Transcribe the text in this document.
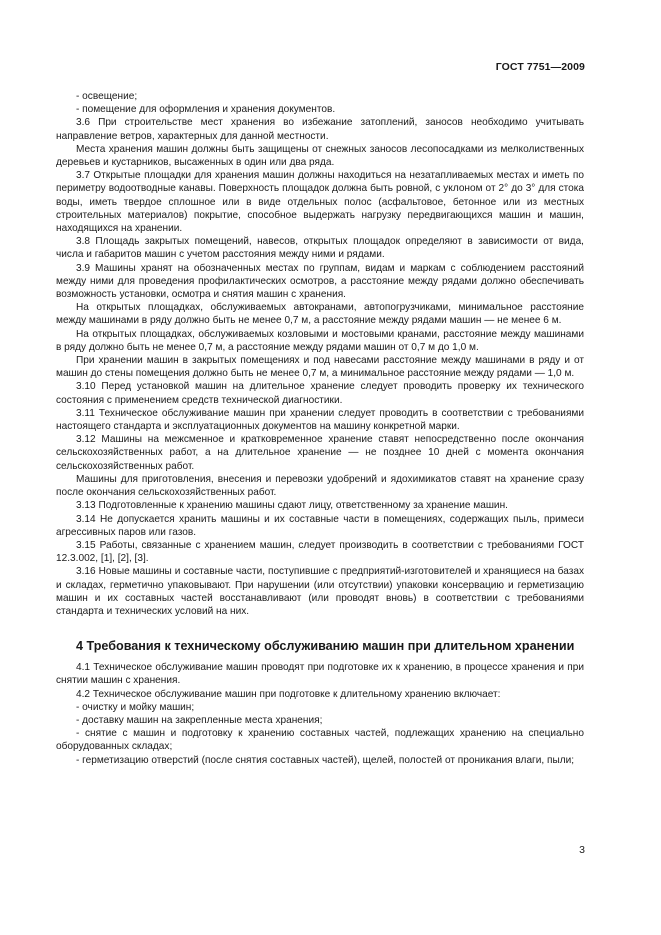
ГОСТ 7751—2009

- освещение;

- помещение для оформления и хранения документов.

3.6 При строительстве мест хранения во избежание затоплений, заносов необходимо учитывать направление ветров, характерных для данной местности.

Места хранения машин должны быть защищены от снежных заносов лесопосадками из мелколиственных деревьев и кустарников, высаженных в один или два ряда.

3.7 Открытые площадки для хранения машин должны находиться на незатапливаемых местах и иметь по периметру водоотводные канавы. Поверхность площадок должна быть ровной, с уклоном от 2° до 3° для стока воды, иметь твердое сплошное или в виде отдельных полос (асфальтовое, бетонное или из местных строительных материалов) покрытие, способное выдержать нагрузку передвигающихся машин и машин, находящихся на хранении.

3.8 Площадь закрытых помещений, навесов, открытых площадок определяют в зависимости от вида, числа и габаритов машин с учетом расстояния между ними и рядами.

3.9 Машины хранят на обозначенных местах по группам, видам и маркам с соблюдением расстояний между ними для проведения профилактических осмотров, а расстояние между рядами должно обеспечивать возможность установки, осмотра и снятия машин с хранения.

На открытых площадках, обслуживаемых автокранами, автопогрузчиками, минимальное расстояние между машинами в ряду должно быть не менее 0,7 м, а расстояние между рядами машин — не менее 6 м.

На открытых площадках, обслуживаемых козловыми и мостовыми кранами, расстояние между машинами в ряду должно быть не менее 0,7 м, а расстояние между рядами машин от 0,7 м до 1,0 м.

При хранении машин в закрытых помещениях и под навесами расстояние между машинами в ряду и от машин до стены помещения должно быть не менее 0,7 м, а минимальное расстояние между рядами — 1,0 м.

3.10 Перед установкой машин на длительное хранение следует проводить проверку их технического состояния с применением средств технической диагностики.

3.11 Техническое обслуживание машин при хранении следует проводить в соответствии с требованиями настоящего стандарта и эксплуатационных документов на машину конкретной марки.

3.12 Машины на межсменное и кратковременное хранение ставят непосредственно после окончания сельскохозяйственных работ, а на длительное хранение — не позднее 10 дней с момента окончания сельскохозяйственных работ.

Машины для приготовления, внесения и перевозки удобрений и ядохимикатов ставят на хранение сразу после окончания сельскохозяйственных работ.

3.13 Подготовленные к хранению машины сдают лицу, ответственному за хранение машин.

3.14 Не допускается хранить машины и их составные части в помещениях, содержащих пыль, примеси агрессивных паров или газов.

3.15 Работы, связанные с хранением машин, следует производить в соответствии с требованиями ГОСТ 12.3.002, [1], [2], [3].

3.16 Новые машины и составные части, поступившие с предприятий-изготовителей и хранящиеся на базах и складах, герметично упаковывают. При нарушении (или отсутствии) упаковки консервацию и герметизацию машин и их составных частей восстанавливают (или проводят вновь) в соответствии с требованиями стандарта и технических условий на них.

4 Требования к техническому обслуживанию машин при длительном хранении

4.1 Техническое обслуживание машин проводят при подготовке их к хранению, в процессе хранения и при снятии машин с хранения.

4.2 Техническое обслуживание машин при подготовке к длительному хранению включает:

- очистку и мойку машин;

- доставку машин на закрепленные места хранения;

- снятие с машин и подготовку к хранению составных частей, подлежащих хранению на специально оборудованных складах;

- герметизацию отверстий (после снятия составных частей), щелей, полостей от проникания влаги, пыли;

3
